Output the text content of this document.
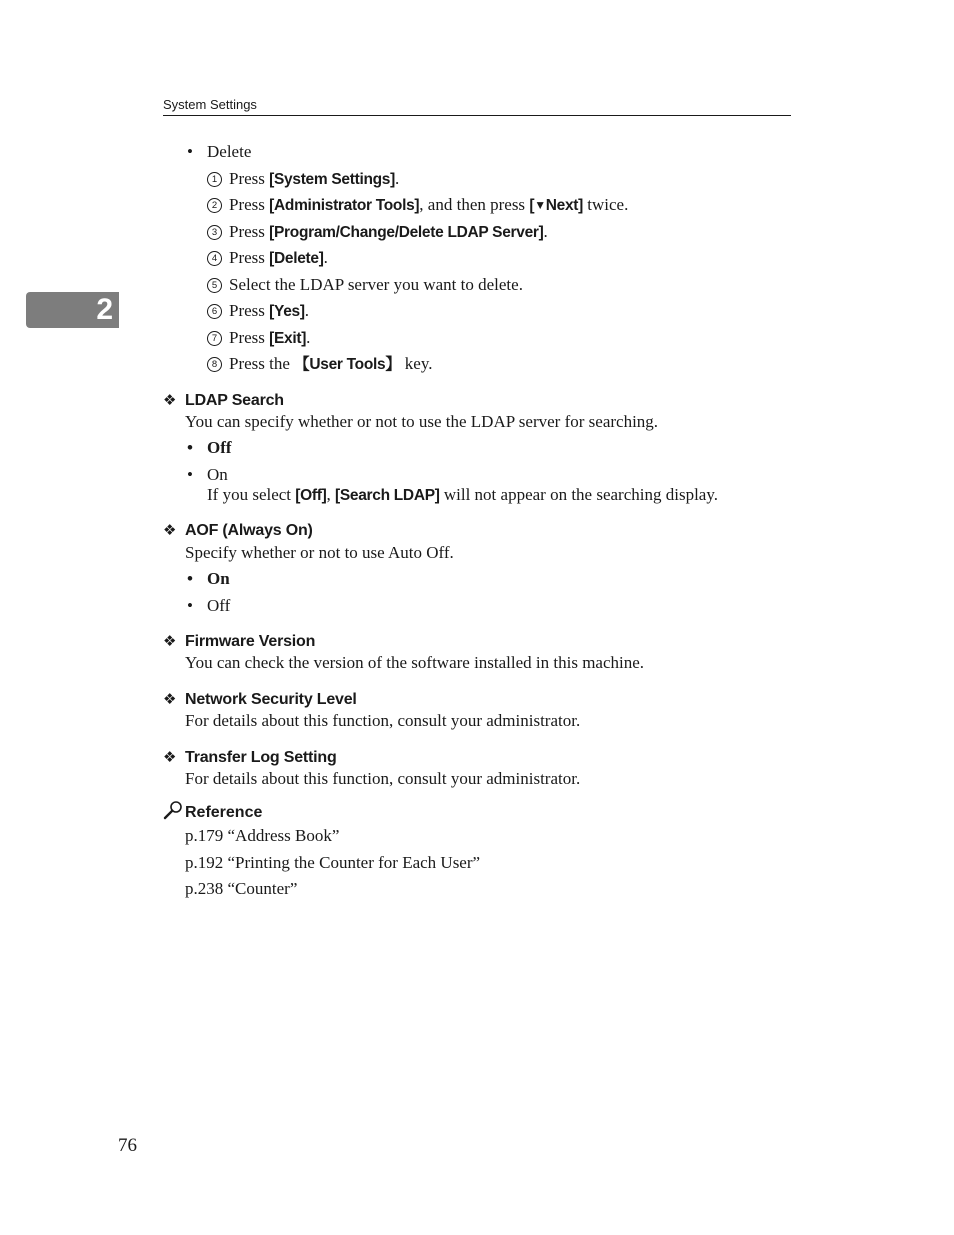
System Settings
2
• Delete
1 Press [System Settings].
2 Press [Administrator Tools], and then press [▼Next] twice.
3 Press [Program/Change/Delete LDAP Server].
4 Press [Delete].
5 Select the LDAP server you want to delete.
6 Press [Yes].
7 Press [Exit].
8 Press the 【User Tools】 key.
❖ LDAP Search
You can specify whether or not to use the LDAP server for searching.
• Off
• On
If you select [Off], [Search LDAP] will not appear on the searching display.
❖ AOF (Always On)
Specify whether or not to use Auto Off.
• On
• Off
❖ Firmware Version
You can check the version of the software installed in this machine.
❖ Network Security Level
For details about this function, consult your administrator.
❖ Transfer Log Setting
For details about this function, consult your administrator.
Reference
p.179 “Address Book”
p.192 “Printing the Counter for Each User”
p.238 “Counter”
76
